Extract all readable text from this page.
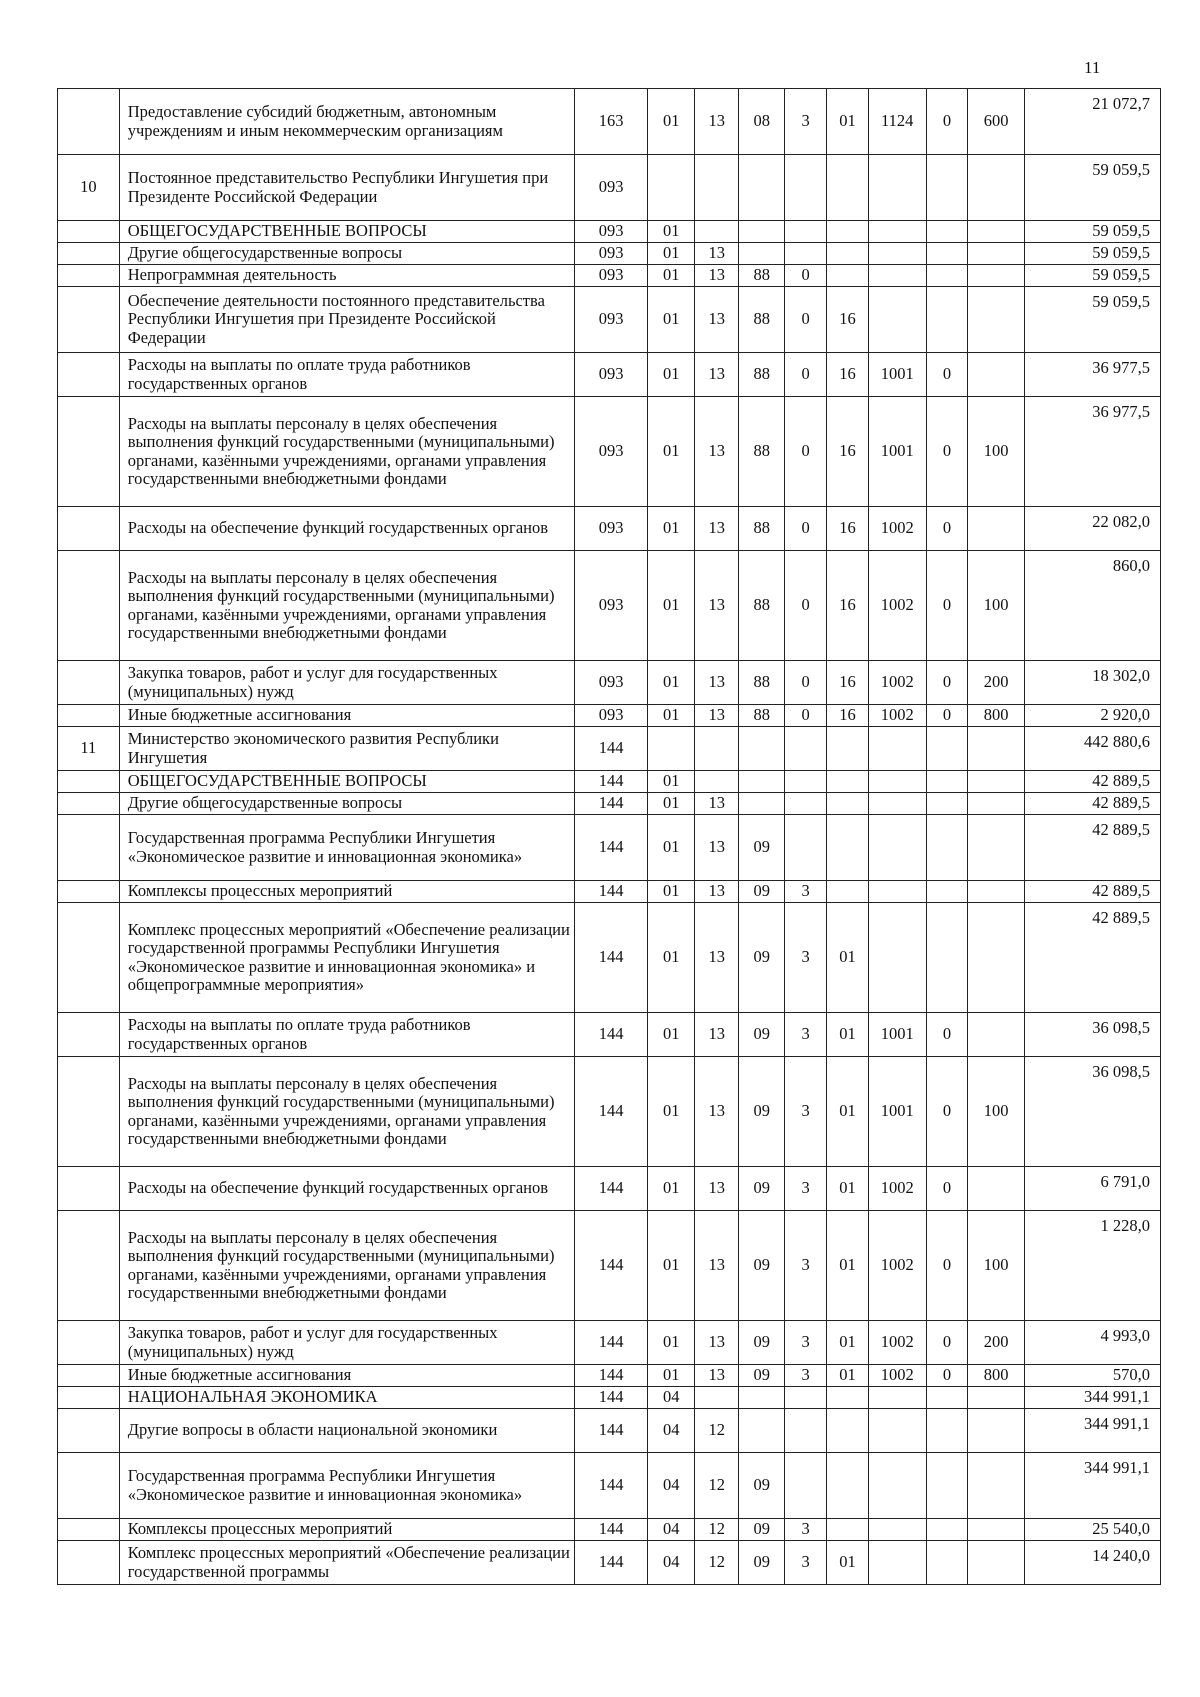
11
	Предоставление субсидий бюджетным, автономным учреждениям и иным некоммерческим организациям	163	01	13	08	3	01	1124	0	600	21 072,7
10	Постоянное представительство Республики Ингушетия при Президенте Российской Федерации	093									59 059,5
	ОБЩЕГОСУДАРСТВЕННЫЕ ВОПРОСЫ	093	01								59 059,5
	Другие общегосударственные вопросы	093	01	13							59 059,5
	Непрограммная деятельность	093	01	13	88	0					59 059,5
	Обеспечение деятельности постоянного представительства Республики Ингушетия при Президенте Российской Федерации	093	01	13	88	0	16				59 059,5
	Расходы на выплаты по оплате труда работников государственных органов	093	01	13	88	0	16	1001	0		36 977,5
	Расходы на выплаты персоналу в целях обеспечения выполнения функций государственными (муниципальными) органами, казёнными учреждениями, органами управления государственными внебюджетными фондами	093	01	13	88	0	16	1001	0	100	36 977,5
	Расходы на обеспечение функций государственных органов	093	01	13	88	0	16	1002	0		22 082,0
	Расходы на выплаты персоналу в целях обеспечения выполнения функций государственными (муниципальными) органами, казёнными учреждениями, органами управления государственными внебюджетными фондами	093	01	13	88	0	16	1002	0	100	860,0
	Закупка товаров, работ и услуг для государственных (муниципальных) нужд	093	01	13	88	0	16	1002	0	200	18 302,0
	Иные бюджетные ассигнования	093	01	13	88	0	16	1002	0	800	2 920,0
11	Министерство экономического развития Республики Ингушетия	144									442 880,6
	ОБЩЕГОСУДАРСТВЕННЫЕ ВОПРОСЫ	144	01								42 889,5
	Другие общегосударственные вопросы	144	01	13							42 889,5
	Государственная программа Республики Ингушетия «Экономическое развитие и инновационная экономика»	144	01	13	09						42 889,5
	Комплексы процессных мероприятий	144	01	13	09	3					42 889,5
	Комплекс процессных мероприятий «Обеспечение реализации государственной программы Республики Ингушетия «Экономическое развитие и инновационная экономика» и общепрограммные мероприятия»	144	01	13	09	3	01				42 889,5
	Расходы на выплаты по оплате труда работников государственных органов	144	01	13	09	3	01	1001	0		36 098,5
	Расходы на выплаты персоналу в целях обеспечения выполнения функций государственными (муниципальными) органами, казёнными учреждениями, органами управления государственными внебюджетными фондами	144	01	13	09	3	01	1001	0	100	36 098,5
	Расходы на обеспечение функций государственных органов	144	01	13	09	3	01	1002	0		6 791,0
	Расходы на выплаты персоналу в целях обеспечения выполнения функций государственными (муниципальными) органами, казёнными учреждениями, органами управления государственными внебюджетными фондами	144	01	13	09	3	01	1002	0	100	1 228,0
	Закупка товаров, работ и услуг для государственных (муниципальных) нужд	144	01	13	09	3	01	1002	0	200	4 993,0
	Иные бюджетные ассигнования	144	01	13	09	3	01	1002	0	800	570,0
	НАЦИОНАЛЬНАЯ ЭКОНОМИКА	144	04								344 991,1
	Другие вопросы в области национальной экономики	144	04	12							344 991,1
	Государственная программа Республики Ингушетия «Экономическое развитие и инновационная экономика»	144	04	12	09						344 991,1
	Комплексы процессных мероприятий	144	04	12	09	3					25 540,0
	Комплекс процессных мероприятий «Обеспечение реализации государственной программы	144	04	12	09	3	01				14 240,0
